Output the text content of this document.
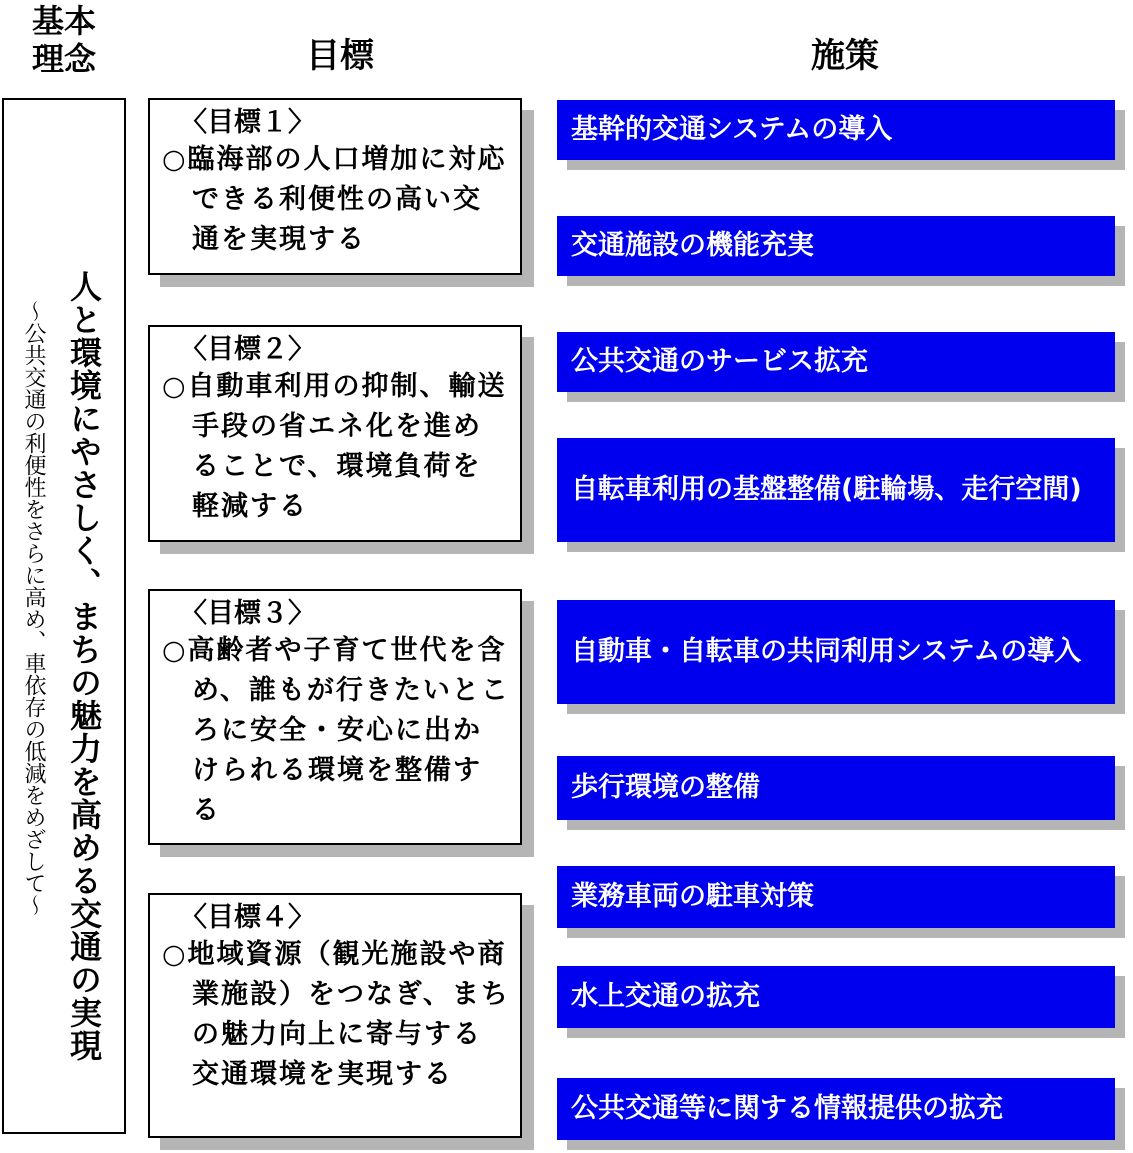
基本
理念	目標	施策
人と環境にやさしく、まちの魅力を高める交通の実現
～公共交通の利便性をさらに高め、車依存の低減をめざして～
〈目標１〉
○臨海部の人口増加に対応できる利便性の高い交通を実現する
〈目標２〉
○自動車利用の抑制、輸送手段の省エネ化を進めることで、環境負荷を軽減する
〈目標３〉
○高齢者や子育て世代を含め、誰もが行きたいところに安全・安心に出かけられる環境を整備する
〈目標４〉
○地域資源（観光施設や商業施設）をつなぎ、まちの魅力向上に寄与する交通環境を実現する
基幹的交通システムの導入
交通施設の機能充実
公共交通のサービス拡充
自転車利用の基盤整備(駐輪場、走行空間)
自動車・自転車の共同利用システムの導入
歩行環境の整備
業務車両の駐車対策
水上交通の拡充
公共交通等に関する情報提供の拡充
